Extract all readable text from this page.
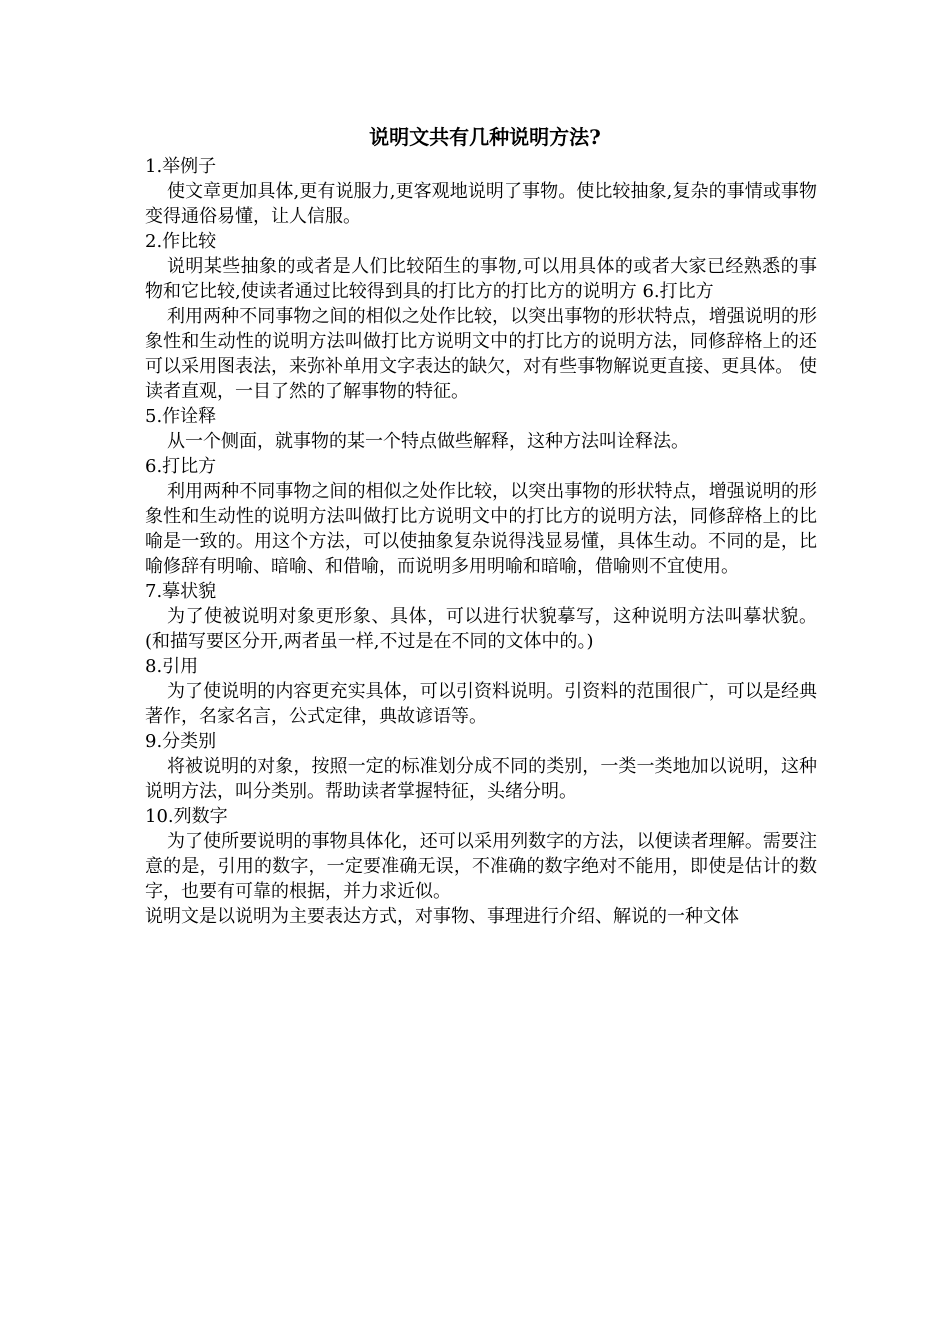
说明文共有几种说明方法?
1.举例子
使文章更加具体,更有说服力,更客观地说明了事物。使比较抽象,复杂的事情或事物变得通俗易懂，让人信服。
2.作比较
说明某些抽象的或者是人们比较陌生的事物,可以用具体的或者大家已经熟悉的事物和它比较,使读者通过比较得到具的打比方的打比方的说明方 6.打比方
利用两种不同事物之间的相似之处作比较，以突出事物的形状特点，增强说明的形象性和生动性的说明方法叫做打比方说明文中的打比方的说明方法，同修辞格上的还可以采用图表法，来弥补单用文字表达的缺欠，对有些事物解说更直接、更具体。 使读者直观，一目了然的了解事物的特征。
5.作诠释
从一个侧面，就事物的某一个特点做些解释，这种方法叫诠释法。
6.打比方
利用两种不同事物之间的相似之处作比较，以突出事物的形状特点，增强说明的形象性和生动性的说明方法叫做打比方说明文中的打比方的说明方法，同修辞格上的比喻是一致的。用这个方法，可以使抽象复杂说得浅显易懂，具体生动。不同的是，比喻修辞有明喻、暗喻、和借喻，而说明多用明喻和暗喻，借喻则不宜使用。
7.摹状貌
为了使被说明对象更形象、具体，可以进行状貌摹写，这种说明方法叫摹状貌。(和描写要区分开,两者虽一样,不过是在不同的文体中的。)
8.引用
为了使说明的内容更充实具体，可以引资料说明。引资料的范围很广，可以是经典著作，名家名言，公式定律，典故谚语等。
9.分类别
将被说明的对象，按照一定的标准划分成不同的类别，一类一类地加以说明，这种说明方法，叫分类别。帮助读者掌握特征，头绪分明。
10.列数字
为了使所要说明的事物具体化，还可以采用列数字的方法，以便读者理解。需要注意的是，引用的数字，一定要准确无误，不准确的数字绝对不能用，即使是估计的数字，也要有可靠的根据，并力求近似。
说明文是以说明为主要表达方式，对事物、事理进行介绍、解说的一种文体
